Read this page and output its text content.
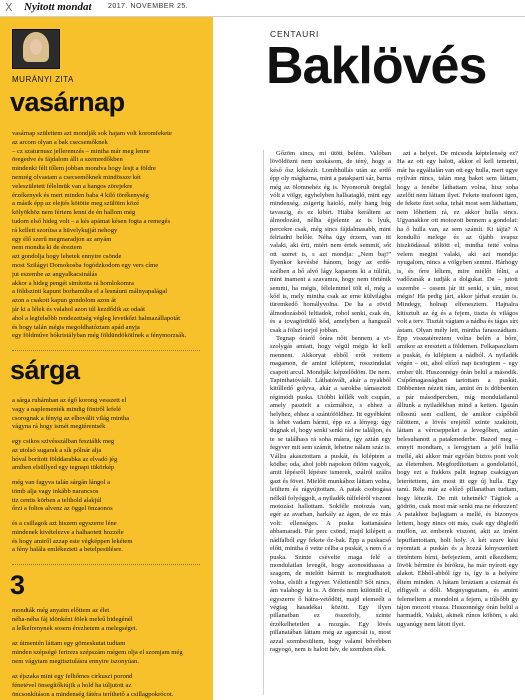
X Nyitott mondat 2017. NOVEMBER 25.
MURÁNYI ZITA
vasárnap
vasárnap születtem azt mondják sok hajam volt koromfekete
az arcom olyan a bak csecsemőknek
– cz szaturnusz jelleremzés – mintha már meg lenne
öregedve és fájdalom állt a szemredőkben
mindenki félt tőlem jobban mondva hogy lesjt a földre
nemrég olvastam a csecsemőknek mindössze két
veleszületett félelmük van a hangos zörejekre
érzékenyek és mert minden baba 4 kiló törékenység
a másik épp az elejtés kötötte meg szülöim közé
kölyökhöz nem fértem lenni de én hallom még
tudom első hideg volt – a kés apámat késen fogta a remegés
rá kellett szorítsa a hüvelykujját nehogy
egy élő szerű megmaradjon az anyám
nem mondta ki de éreztem
azt gondolja hogy lehetek ennyire csönde
most Szilágyi Domokosba fogódzkodom egy vers címe
jut eszembe az angyalkacsinálás
akkor a hideg pengét simította rá homlokomra
a földszinti kapunt borhamúba el a lesnáuni málnyapalágal
azon a csakott kapun gondolom azon át
jár ki a lélek és valahol azon túl kezdődik az odaát
ahol a legfelsőbb rendezettség végleg levetkőzi halmazállapotát
és hogy talán mégis megoldhatóztam apád anyja
egy földműve hókristályban még földündökötlnek a fénymorzsák.
sárga
a sárga ruhámban az égő korong vesszett el
vagy a naplementék mindig föntről lefelé
csorognak a fényig az elhoválit világ mintha
vágyna rá hogy ismét megtérentsék
egy csikos szivésszálban fesztáltk meg
az utolsó sugarak a sík pólnár alja
hóval borított földdarabka az elvadó jég
amíben elsüllyed egy tegnapi tükörkép
még van fagyva talán sárgán lángol a
tömb alja vagy inkább narancsos
tiz centis körben a telihold alakjúl
őrzi a foltos alvenz az öggel önzaonos
és a csillagok azt hiszem egyszerre léne
mindenek kivételezve a halhaotett hozzéle
és hogy amiről azzap este végképpen lekétem
a fény halála emlékezteti a betelpesülésre.
3
mondták még anyaim előttem az élet
néha-néha fáj idönként fölek meleű hidegénél
a lelkefrenynek sosem érezhetem a melegséget.
az útmentén láttam egy gömeskutat tudtam
minden szépségé ferirezs szépszám mégem olja el szomjam még
nem vágytam megtisztulásra ennyire iszonyúan.
az éjszaka mint egy felhőmes cirkuszi porond
fénetével önsegítőkiújik a hold ha túljutott az
öncsonkításon a mindenség fátéra teríthető a csillagpokrócot.
CENTAURI
Baklövés

Gőzöm sincs, mi ütött belém. Valóban lövöldözni nem szokásom, de téný, hogy a késő ősz kikészít. Lombhullás után az erdő épp oly mágharna, mint a patakparti sár, barna még az ölomnehéz ég is. Nyomorult öregfal vólt a völgy, egyhelyben hallsatagló, mint egy mindenség, zsigerig hatoló, mély hang búg tavaszig, és ez kibírt. Hiába keráltem az álmodozást, nélha éjjelente az is lyuk, percekre csak, még sincs fájdalmasabb, mint felriadni belőle. Néha úgy érzem, van itt valaki, aki érti, miért nem értek semmit, sőt ott szeret is, s azt mondja: „Nem baj!” Ilyenkor kevésbé hánom, hogy az erdő-szélben a bő alvó lágy kaparom ki a túlifát, mint inament a szavamra, hogy nem történik semmi, ha mégis, félelemmel tölt el, még a kőd is, mely mintha csak az erne külvilágba türemkedő homályvolna. De ha a rövid álmodozásból feltiadok, rohol senki, csak én, és a tovagördülő kőd, amelyben a hangszál csak a fölszi torjol jobban.

Tegnap óráról órára nőtt bennem a vi-szolygás amiatt, hogy végül mégis ki kell mennem. Akkoryat ebből erőt vettem magamon, de amint kiléptem, rosszindulat csapott arcul. Mondják: képzelődöm. De nem. Tapinthatóváált. Láthatóvált, akár a nyakból kitűlledő golyva, akár a sarokba támasztott régimódi puska. Utóbbi kéllék volt csupán, amely pasztelt a csízmához, s ehhez a helyhez, ehhez a szántóföldhez. Itt egyébként is lehet vadam bármi, épp ez a lényeg: úgy dugnak el, hogy senki senki rád ne találjon, és te se találhass rá soha másra, így aztán egy fegyver mit sem számít, lehetne nálam száz is. Vállra akasztottam a puskát, és kiléptem a ködbe; oda, ahol jobb napokon ötlöm vagyok, amit lépésről lépésre ismerek, szálról szálra gazt és fövet. Mielőtt munkához láttam volna, leültem és rágyújtottam. A patak csobogása nélkül folyóggolt, a nyiladék túlfelérõl viszont motozást hallottam. Sokféle motozás van, egér az avarban, harkály az ágon, de ez más volt: ellenséges. A puska kattanására abbamaradt. Pár perc csönd, majd kilépett a nádfalból egy fekete őz-bak. Épp a puskacső előtt, mintha ő vette célba a puskát, s nem ő a puska. Szinte csévelte maga felé a mondulatlan levegőt, hogy azonosíthassa a szagom, de mielőtt bármit is megtudhatott volna, elsült a fegyver. Vélettenül? Sőt nincs, ám valahogy ki is. A dörrés nem különült el, egyszerre ő hátra-vetődött, majd elemeélt a végtag hasadékai között. Egy ilyen pillanatban ez összefoly, szinte érzékelhetetlen a mozgás. Egy lövés pillanatában láttam még az agancsát is, most azzal szembesültem, hogy valami bővebben ragyogó, nem is halott hév, de szemben élek.

azt a helyet. De micsoda képtelenség ez? Ha az ott egy halott, akkor el kell temetni, már ha egyáltalán van ott egy hulla, mert ugye nyilván nincs, talán meg bakot sem láttam, hogy a fenébe láthattam volna, hisz soha azelőtt nem láttam ilyet. Fekete mufoont igen, de fekete őzet soha, tehát most sem láthattam, nem lőhettem rá, ez akkor hulla sincs. Ugyanakkor ott motozott bennem a gondolat: ha ő hulla van, az sem számít. Ki tájia? A kondulló melege és az újabb svapsz hiszködással töltött el, mintha tetté volna velem megint valaki, aki azt mondja: nyugalom, nincs a völgyben semmi. Hárhogy is, és őrre léltem, mire miélőt félni, a vadőzsnák a tudják a dolgukat. De – jutott eszembe – ossem jár itt senki, s tán, most mégis! Ha pedig járt, akkor járhat ezután is. Mindegy, holnap elfenesztem. Hajnalra kitisztult az ég és a fejem, tiszta és világos volt a terv. Tisztát vágtam a nádba és tágas sírt ástam. Olyan mély lett, mintha farasszádtam. Épp visszatéreztem volna belén a bőre, amikor az eresztett a földemen. Felkapaszltam a puskát, és kiléptem a nádból. A nyiladék végén – ott, ahol előző nap ücsörgtem – egy ember ült. Huszonnégy órán belül a második. Csípőmagasságban tartottam a puskát. Döbbenten nézett rám, amint én is döbbenten a pár másodpercben, míg mondulatlanul álltunk a nyiladékban mind a ketten. Igazán ollosnú sem csillent, de amikor csípőből rálöttem, a lövés erejétől szinte szakított, láttam a vércseppeket a levegőben, aztán belesuhanott a patakmederbe. Bazod meg – ennyit mondtam, s lerogytam a jelő hullá mellé, aki akkor már egyőán biztos pont volt az életemben. Megfordítottam a gondolattól, hogy ezt a frakkos palit tegnap csakúgyan leterítettem, ám most itt egy új hulla. Egy tanú. Réla már az előző pillanatban tudtam, hogy létezik. De mit tehetnék? Tágitok a gödrön, csak most már senki ma ne érkezzen! A patakhoz bajlagtam a mellé, és bizonyos lettem, hogy nincs ott más, csak egy dögledő muflon, az emberek viszont, akit az imént lepuffantottam, holt holy. A két szurv kési nyomtatt a puskán és a hozzá kényszerített történtem bírni, befejeztem, amit elkezdtem; lövök bérmire és bírókra, ha már nyírott egy alakot. Ebből-abból így is, így is a helyére éltem minden. A hátam leráztam a csizmát és elfigyelt a dőli. Megnyugtattam, és amint felemeltem a mondolni a fejem, a túlsőbb gy tájon mozott vissza. Huszonnégy órán belül a harmadik. Valaki, akinek rúnos köhöm, s aki ugyanúgy nem látott ilyet.
